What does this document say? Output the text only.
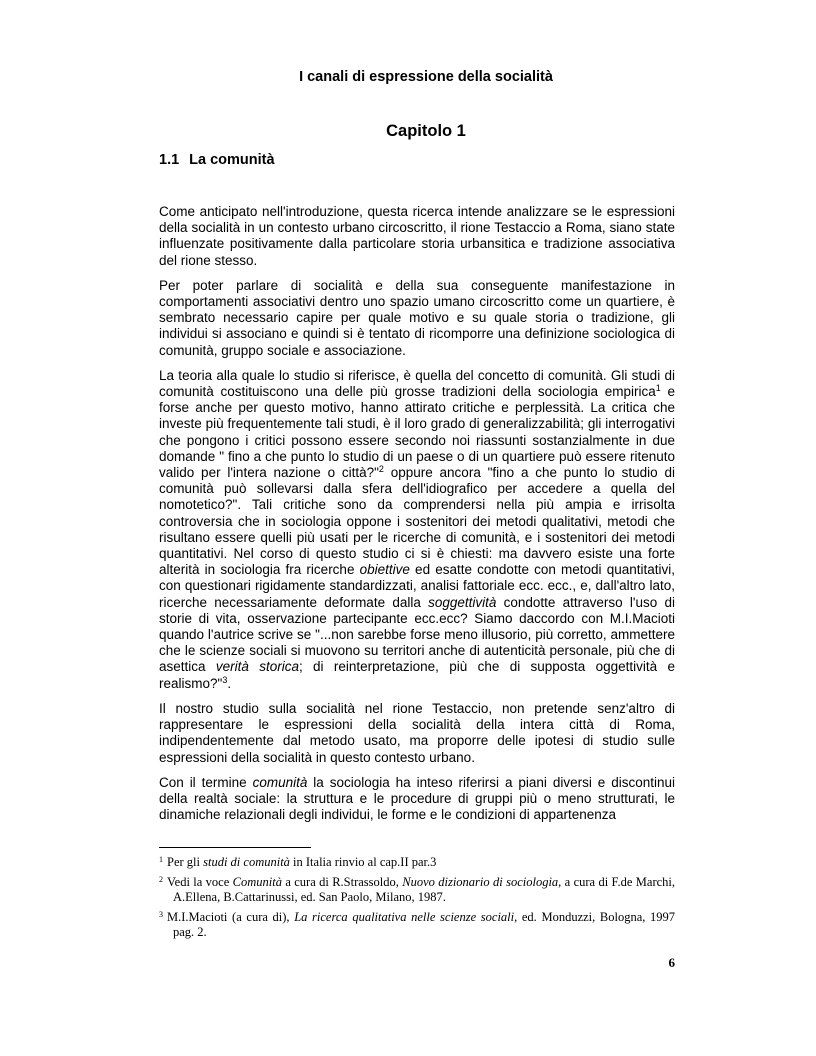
I canali di espressione della socialità
Capitolo 1
1.1 La comunità

Come anticipato nell'introduzione, questa ricerca intende analizzare se le espressioni della socialità in un contesto urbano circoscritto, il rione Testaccio a Roma, siano state influenzate positivamente dalla particolare storia urbansitica e tradizione associativa del rione stesso.

Per poter parlare di socialità e della sua conseguente manifestazione in comportamenti associativi dentro uno spazio umano circoscritto come un quartiere, è sembrato necessario capire per quale motivo e su quale storia o tradizione, gli individui si associano e quindi si è tentato di ricomporre una definizione sociologica di comunità, gruppo sociale e associazione.

La teoria alla quale lo studio si riferisce, è quella del concetto di comunità. Gli studi di comunità costituiscono una delle più grosse tradizioni della sociologia empirica$^1$ e forse anche per questo motivo, hanno attirato critiche e perplessità. La critica che investe più frequentemente tali studi, è il loro grado di generalizzabilità; gli interrogativi che pongono i critici possono essere secondo noi riassunti sostanzialmente in due domande " fino a che punto lo studio di un paese o di un quartiere può essere ritenuto valido per l'intera nazione o città?"$^2$ oppure ancora "fino a che punto lo studio di comunità può sollevarsi dalla sfera dell'idiografico per accedere a quella del nomotetico?". Tali critiche sono da comprendersi nella più ampia e irrisolta controversia che in sociologia oppone i sostenitori dei metodi qualitativi, metodi che risultano essere quelli più usati per le ricerche di comunità, e i sostenitori dei metodi quantitativi. Nel corso di questo studio ci si è chiesti: ma davvero esiste una forte alterità in sociologia fra ricerche obiettive ed esatte condotte con metodi quantitativi, con questionari rigidamente standardizzati, analisi fattoriale ecc. ecc., e, dall'altro lato, ricerche necessariamente deformate dalla soggettività condotte attraverso l'uso di storie di vita, osservazione partecipante ecc.ecc? Siamo daccordo con M.I.Macioti quando l'autrice scrive se "...non sarebbe forse meno illusorio, più corretto, ammettere che le scienze sociali si muovono su territori anche di autenticità personale, più che di asettica verità storica; di reinterpretazione, più che di supposta oggettività e realismo?"$^3$.

Il nostro studio sulla socialità nel rione Testaccio, non pretende senz'altro di rappresentare le espressioni della socialità della intera città di Roma, indipendentemente dal metodo usato, ma proporre delle ipotesi di studio sulle espressioni della socialità in questo contesto urbano.

Con il termine comunità la sociologia ha inteso riferirsi a piani diversi e discontinui della realtà sociale: la struttura e le procedure di gruppi più o meno strutturati, le dinamiche relazionali degli individui, le forme e le condizioni di appartenenza

$^1$ Per gli studi di comunità in Italia rinvio al cap.II par.3

$^2$ Vedi la voce Comunità a cura di R.Strassoldo, Nuovo dizionario di sociologia, a cura di F.de Marchi, A.Ellena, B.Cattarinussi, ed. San Paolo, Milano, 1987.

$^3$ M.I.Macioti (a cura di), La ricerca qualitativa nelle scienze sociali, ed. Monduzzi, Bologna, 1997 pag. 2.

6
